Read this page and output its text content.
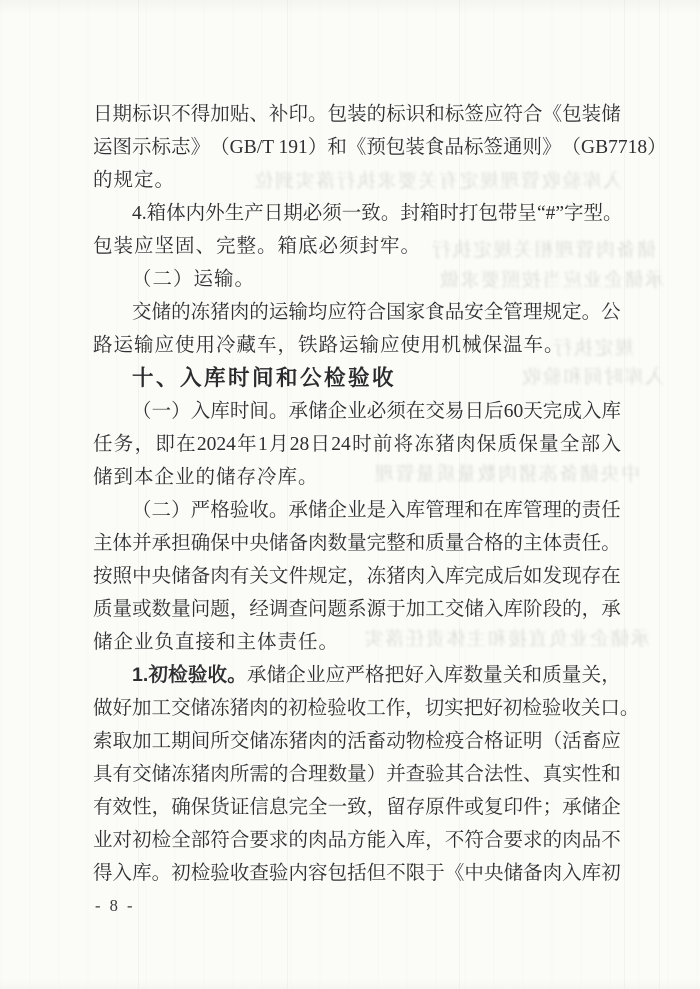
入库验收管理规定有关要求执行落实到位
储备肉管理相关规定执行
承储企业应当按照要求做
规定执行
入库时间和验收
中央储备冻猪肉数量质量管理
承储企业负直接和主体责任落实
日 期 标 识 不 得 加 贴 、 补 印 。 包 装 的 标 识 和 标 签 应 符 合 《 包 装 储
运 图 示 标 志 》 （ GB/T 191 ） 和 《 预 包 装 食 品 标 签 通 则 》 （ GB7718 ）
的规定。
4. 箱 体 内 外 生 产 日 期 必 须 一 致 。 封 箱 时 打 包 带 呈 “ # ” 字 型 。
包装应坚固、完整。箱底必须封牢。
（二）运输。
交 储 的 冻 猪 肉 的 运 输 均 应 符 合 国 家 食 品 安 全 管 理 规 定 。 公
路运输应使用冷藏车，铁路运输应使用机械保温车。
十、入库时间和公检验收
（ 一 ） 入 库 时 间 。 承 储 企 业 必 须 在 交 易 日 后 60 天 完 成 入 库
任 务 ， 即 在 2024 年 1 月 28 日 24 时 前 将 冻 猪 肉 保 质 保 量 全 部 入
储到本企业的储存冷库。
（ 二 ） 严 格 验 收 。 承 储 企 业 是 入 库 管 理 和 在 库 管 理 的 责 任
主 体 并 承 担 确 保 中 央 储 备 肉 数 量 完 整 和 质 量 合 格 的 主 体 责 任 。
按 照 中 央 储 备 肉 有 关 文 件 规 定 ， 冻 猪 肉 入 库 完 成 后 如 发 现 存 在
质 量 或 数 量 问 题 ， 经 调 查 问 题 系 源 于 加 工 交 储 入 库 阶 段 的 ， 承
储企业负直接和主体责任。
1. 初 检 验 收 。 承 储 企 业 应 严 格 把 好 入 库 数 量 关 和 质 量 关 ，
做 好 加 工 交 储 冻 猪 肉 的 初 检 验 收 工 作 ， 切 实 把 好 初 检 验 收 关 口 。
索 取 加 工 期 间 所 交 储 冻 猪 肉 的 活 畜 动 物 检 疫 合 格 证 明 （ 活 畜 应
具 有 交 储 冻 猪 肉 所 需 的 合 理 数 量 ） 并 查 验 其 合 法 性 、 真 实 性 和
有 效 性 ， 确 保 货 证 信 息 完 全 一 致 ， 留 存 原 件 或 复 印 件 ； 承 储 企
业 对 初 检 全 部 符 合 要 求 的 肉 品 方 能 入 库 ， 不 符 合 要 求 的 肉 品 不
得 入 库 。 初 检 验 收 查 验 内 容 包 括 但 不 限 于 《 中 央 储 备 肉 入 库 初
- 8 -
